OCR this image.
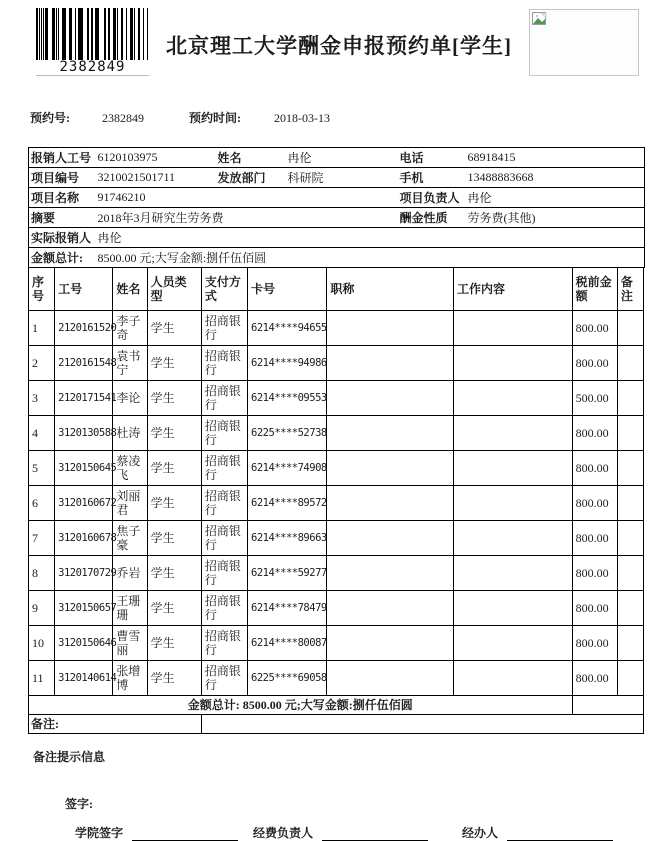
2382849
北京理工大学酬金申报预约单[学生]
预约号:	2382849	预约时间:	2018-03-13
报销人工号	6120103975	姓名	冉伦	电话	68918415
项目编号	3210021501711	发放部门	科研院	手机	13488883668
项目名称	91746210			项目负责人	冉伦
摘要	2018年3月研究生劳务费			酬金性质	劳务费(其他)
实际报销人	冉伦				
金额总计:	8500.00 元;大写金额:捌仟伍佰圆				
序号	工号	姓名	人员类型	支付方式	卡号	职称	工作内容	税前金额	备注
1	2120161520	李子奇	学生	招商银行	6214****94655			800.00	
2	2120161548	袁书宁	学生	招商银行	6214****94986			800.00	
3	2120171541	李论	学生	招商银行	6214****09553			500.00	
4	3120130588	杜涛	学生	招商银行	6225****52738			800.00	
5	3120150645	蔡凌飞	学生	招商银行	6214****74908			800.00	
6	3120160672	刘丽君	学生	招商银行	6214****89572			800.00	
7	3120160678	焦子豪	学生	招商银行	6214****89663			800.00	
8	3120170729	乔岩	学生	招商银行	6214****59277			800.00	
9	3120150657	王珊珊	学生	招商银行	6214****78479			800.00	
10	3120150646	曹雪丽	学生	招商银行	6214****80087			800.00	
11	3120140614	张增博	学生	招商银行	6225****69058			800.00	
金额总计: 8500.00 元;大写金额:捌仟伍佰圆									
备注:									
备注提示信息
签字:
学院签字	经费负责人	经办人
